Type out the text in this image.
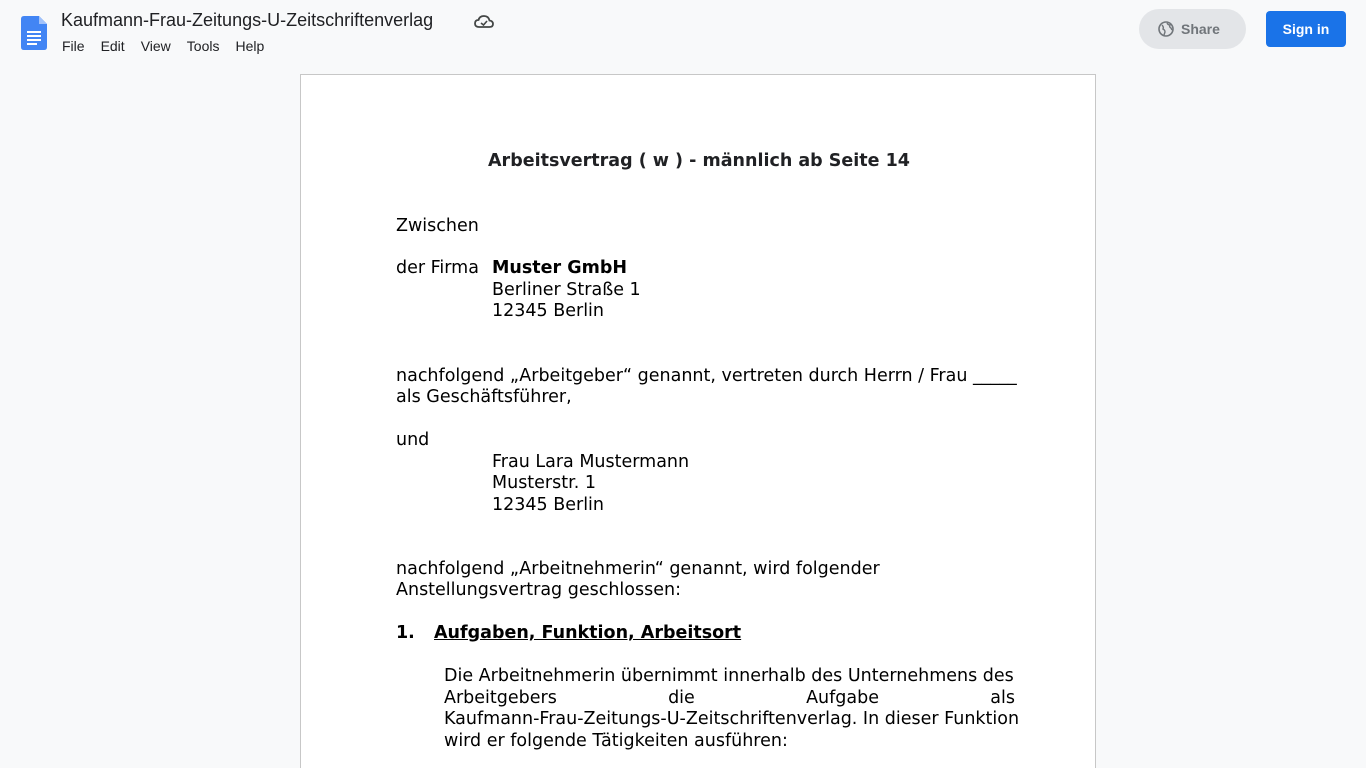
Kaufmann-Frau-Zeitungs-U-Zeitschriftenverlag
File	Edit	View	Tools	Help
Share	Sign in
Arbeitsvertrag ( w ) - männlich ab Seite 14
Zwischen
der Firma Muster GmbH
Berliner Straße 1
12345 Berlin
nachfolgend „Arbeitgeber“ genannt, vertreten durch Herrn / Frau _____
als Geschäftsführer,
und
Frau Lara Mustermann
Musterstr. 1
12345 Berlin
nachfolgend „Arbeitnehmerin“ genannt, wird folgender
Anstellungsvertrag geschlossen:
1. Aufgaben, Funktion, Arbeitsort
Die Arbeitnehmerin übernimmt innerhalb des Unternehmens des
Arbeitgebers	die	Aufgabe	als
Kaufmann-Frau-Zeitungs-U-Zeitschriftenverlag. In dieser Funktion
wird er folgende Tätigkeiten ausführen:
